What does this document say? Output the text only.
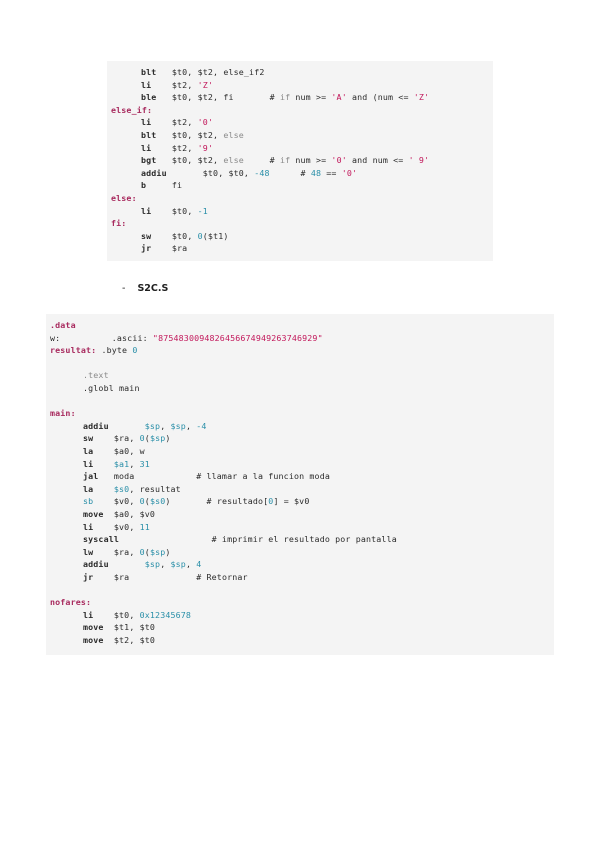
blt $t0, $t2, else_if2
li $t2, 'Z'
ble $t0, $t2, fi       # if num >= 'A' and (num <= 'Z'
else_if:
li $t2, '0'
blt $t0, $t2, else
li $t2, '9'
bgt $t0, $t2, else     # if num >= '0' and num <= ' 9'
addiu	$t0, $t0, -48      # 48 == '0'
b	fi
else:
li $t0, -1
fi:
sw $t0, 0($t1)
jr $ra
- S2C.S
.data
w:          .ascii: "8754830094826456674949263746929"
resultat: .byte 0
.text
.globl main
main:
addiu	$sp, $sp, -4
sw $ra, 0($sp)
la $a0, w
li $a1, 31
jal moda            # llamar a la funcion moda
la $s0, resultat
sb $v0, 0($s0)       # resultado[0] = $v0
move $a0, $v0
li $v0, 11
syscall                  # imprimir el resultado por pantalla
lw $ra, 0($sp)
addiu	$sp, $sp, 4
jr $ra             # Retornar
nofares:
li $t0, 0x12345678
move $t1, $t0
move $t2, $t0
